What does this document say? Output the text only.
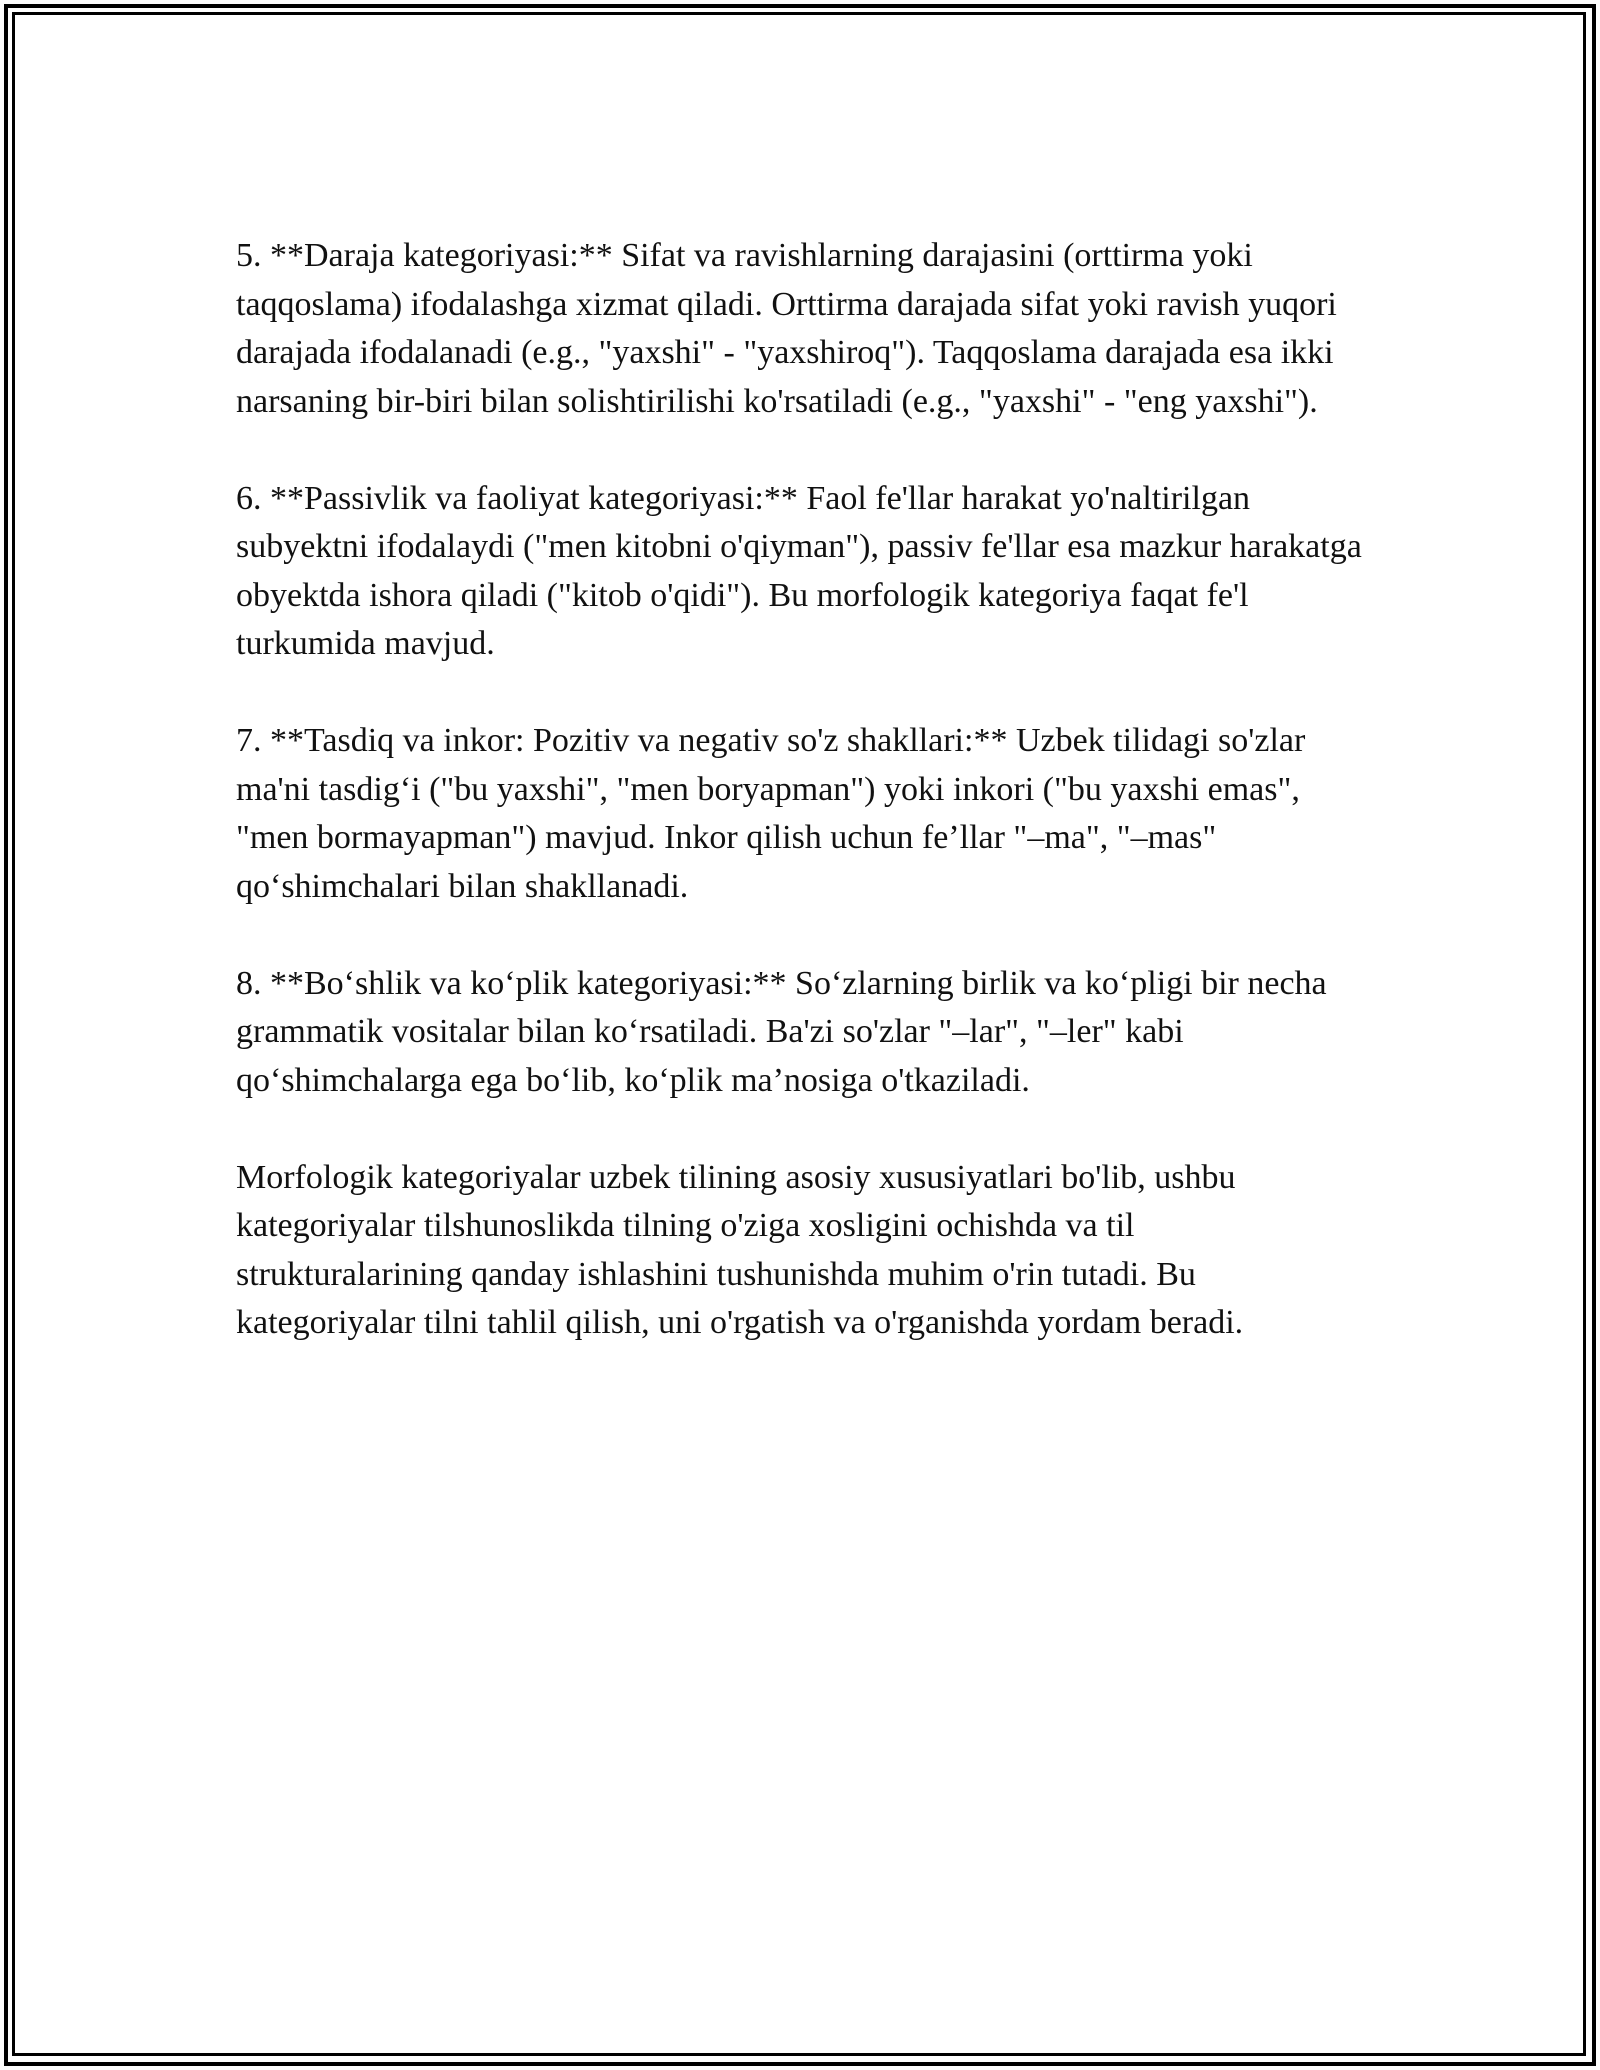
5. **Daraja kategoriyasi:** Sifat va ravishlarning darajasini (orttirma yoki taqqoslama) ifodalashga xizmat qiladi. Orttirma darajada sifat yoki ravish yuqori darajada ifodalanadi (e.g., "yaxshi" - "yaxshiroq"). Taqqoslama darajada esa ikki narsaning bir-biri bilan solishtirilishi ko'rsatiladi (e.g., "yaxshi" - "eng yaxshi").

6. **Passivlik va faoliyat kategoriyasi:** Faol fe'llar harakat yo'naltirilgan subyektni ifodalaydi ("men kitobni o'qiyman"), passiv fe'llar esa mazkur harakatga obyektda ishora qiladi ("kitob o'qidi"). Bu morfologik kategoriya faqat fe'l turkumida mavjud.

7. **Tasdiq va inkor: Pozitiv va negativ so'z shakllari:** Uzbek tilidagi so'zlar ma'ni tasdig‘i ("bu yaxshi", "men boryapman") yoki inkori ("bu yaxshi emas", "men bormayapman") mavjud. Inkor qilish uchun fe’llar "–ma", "–mas" qo‘shimchalari bilan shakllanadi.

8. **Bo‘shlik va ko‘plik kategoriyasi:** So‘zlarning birlik va ko‘pligi bir necha grammatik vositalar bilan ko‘rsatiladi. Ba'zi so'zlar "–lar", "–ler" kabi qo‘shimchalarga ega bo‘lib, ko‘plik ma’nosiga o'tkaziladi.

Morfologik kategoriyalar uzbek tilining asosiy xususiyatlari bo'lib, ushbu kategoriyalar tilshunoslikda tilning o'ziga xosligini ochishda va til strukturalarining qanday ishlashini tushunishda muhim o'rin tutadi. Bu kategoriyalar tilni tahlil qilish, uni o'rgatish va o'rganishda yordam beradi.
